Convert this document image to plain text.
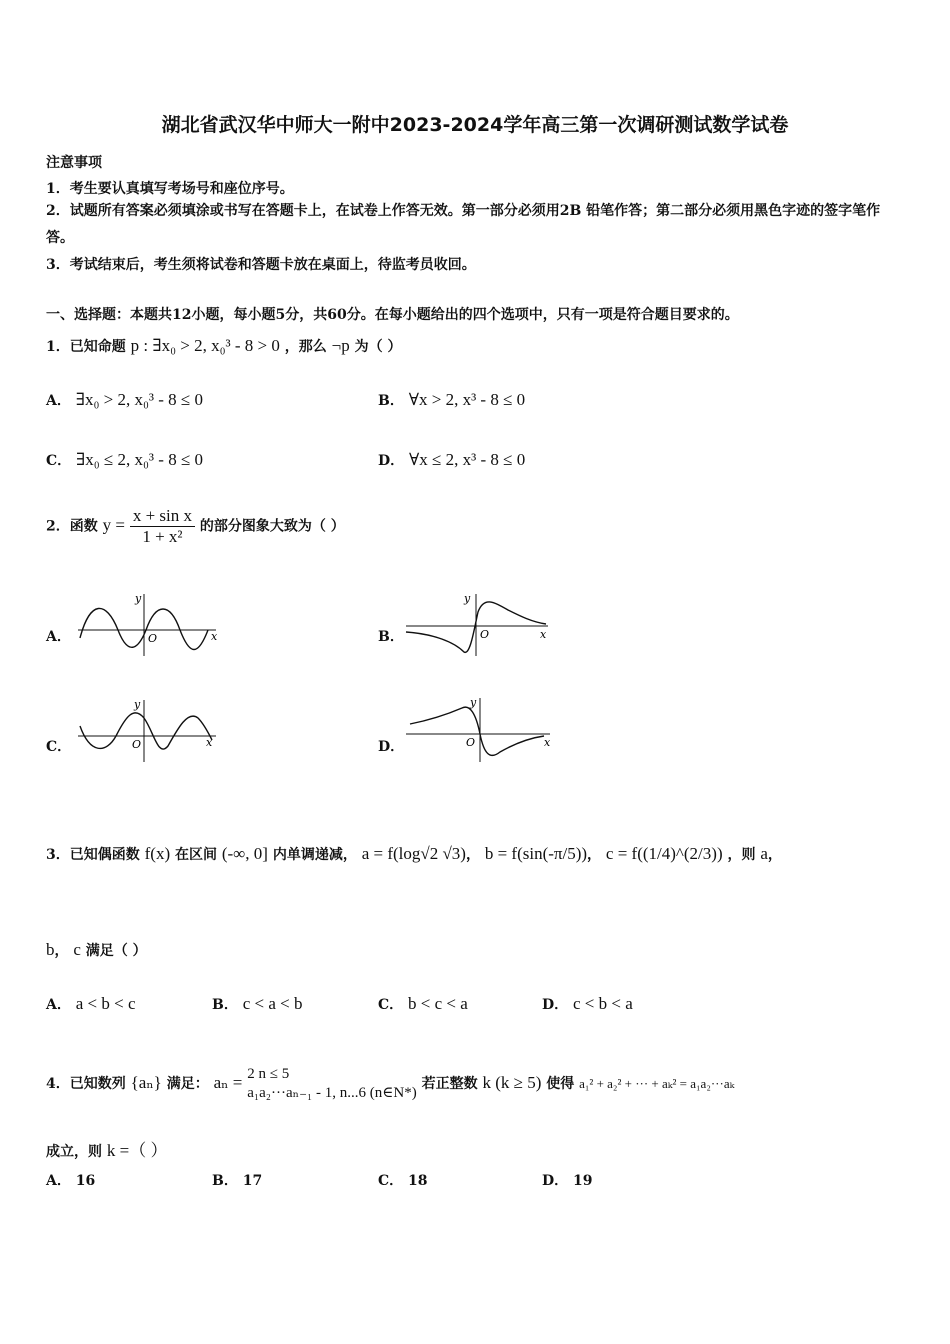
湖北省武汉华中师大一附中2023-2024学年高三第一次调研测试数学试卷
注意事项
1．考生要认真填写考场号和座位序号。
2．试题所有答案必须填涂或书写在答题卡上，在试卷上作答无效。第一部分必须用2B 铅笔作答；第二部分必须用黑色字迹的签字笔作答。
3．考试结束后，考生须将试卷和答题卡放在桌面上，待监考员收回。
一、选择题：本题共12小题，每小题5分，共60分。在每小题给出的四个选项中，只有一项是符合题目要求的。
1．已知命题 p : ∃x₀ > 2, x₀³ - 8 > 0 ，那么 ¬p 为（ ）
A． ∃x₀ > 2, x₀³ - 8 ≤ 0	B． ∀x > 2, x³ - 8 ≤ 0
C． ∃x₀ ≤ 2, x₀³ - 8 ≤ 0	D． ∀x ≤ 2, x³ - 8 ≤ 0
2．函数 $y = \frac{\text{x + sin x}}{\text{1 + x²}}$ 的部分图象大致为（ ）
A．
y
x
O	B．
y
x
O
C．
y
x
O	D．
y
x
O
3．已知偶函数 f(x) 在区间 (-∞, 0] 内单调递减， a = f(log√2 √3)， b = f(sin(-π/5))， c = f((1/4)^(2/3)) ，则 a，
b， c 满足（ ）
A． a < b < c	B． c < a < b	C． b < c < a	D． c < b < a
4．已知数列 {aₙ} 满足： aₙ = 2 n ≤ 5
a₁a₂···aₙ₋₁ - 1, n...6 (n∈N*)
若正整数 k (k ≥ 5) 使得 a₁² + a₂² + ··· + aₖ² = a₁a₂···aₖ
成立，则 k =（ ）
A． 16	B． 17	C． 18	D． 19
